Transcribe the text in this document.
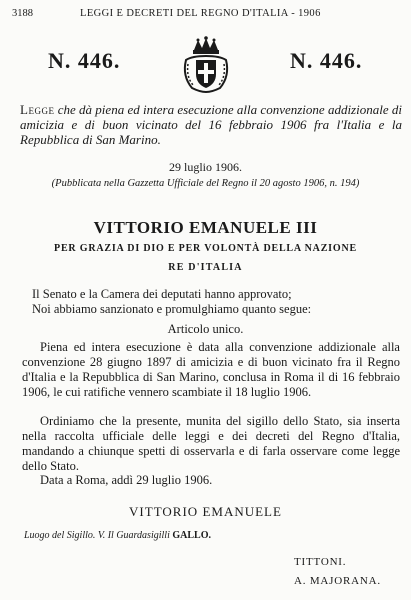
3188	LEGGI E DECRETI DEL REGNO D'ITALIA - 1906
N. 446.	N. 446.
Legge che dà piena ed intera esecuzione alla convenzione addizionale di amicizia e di buon vicinato del 16 febbraio 1906 fra l'Italia e la Repubblica di San Marino.
29 luglio 1906.
(Pubblicata nella Gazzetta Ufficiale del Regno il 20 agosto 1906, n. 194)
VITTORIO EMANUELE III
PER GRAZIA DI DIO E PER VOLONTÀ DELLA NAZIONE
RE D'ITALIA
Il Senato e la Camera dei deputati hanno approvato;
Noi abbiamo sanzionato e promulghiamo quanto segue:
Articolo unico.
Piena ed intera esecuzione è data alla convenzione addizionale alla convenzione 28 giugno 1897 di amicizia e di buon vicinato fra il Regno d'Italia e la Repubblica di San Marino, conclusa in Roma il di 16 febbraio 1906, le cui ratifiche vennero scambiate il 18 luglio 1906.
Ordiniamo che la presente, munita del sigillo dello Stato, sia inserta nella raccolta ufficiale delle leggi e dei decreti del Regno d'Italia, mandando a chiunque spetti di osservarla e di farla osservare come legge dello Stato.
Data a Roma, addì 29 luglio 1906.
VITTORIO EMANUELE
Luogo del Sigillo. V. Il Guardasigilli GALLO.
TITTONI.
A. MAJORANA.
